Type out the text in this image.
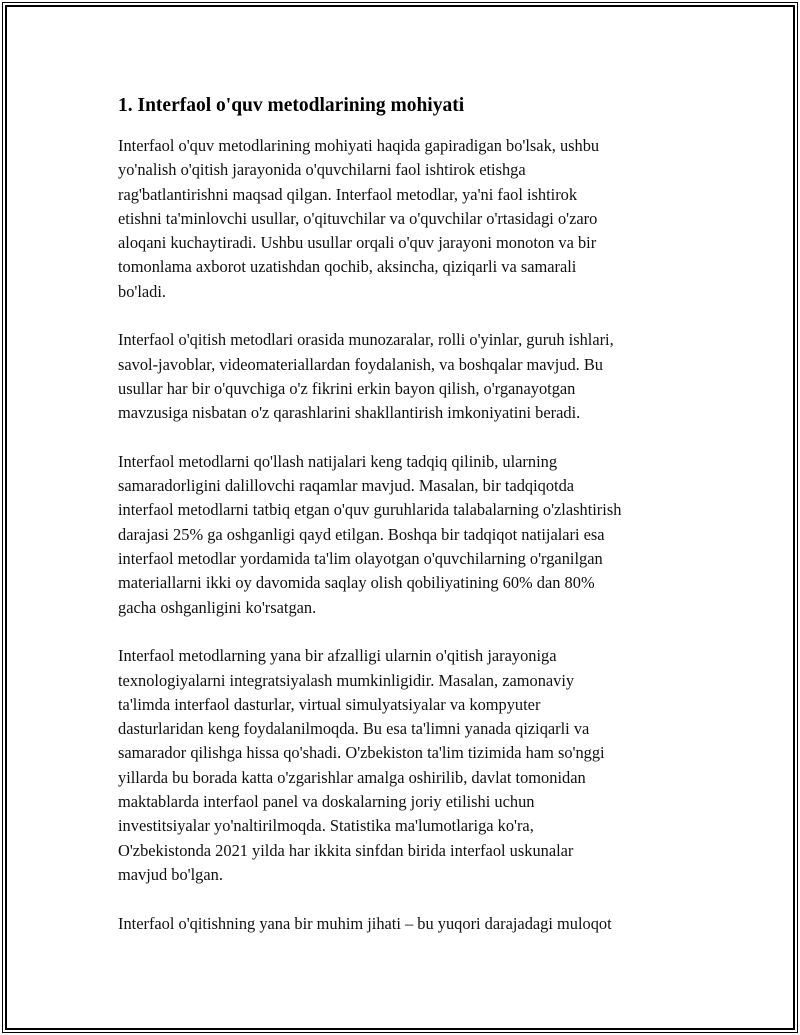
1. Interfaol o'quv metodlarining mohiyati
Interfaol o'quv metodlarining mohiyati haqida gapiradigan bo'lsak, ushbu
yo'nalish o'qitish jarayonida o'quvchilarni faol ishtirok etishga
rag'batlantirishni maqsad qilgan. Interfaol metodlar, ya'ni faol ishtirok
etishni ta'minlovchi usullar, o'qituvchilar va o'quvchilar o'rtasidagi o'zaro
aloqani kuchaytiradi. Ushbu usullar orqali o'quv jarayoni monoton va bir
tomonlama axborot uzatishdan qochib, aksincha, qiziqarli va samarali
bo'ladi.
Interfaol o'qitish metodlari orasida munozaralar, rolli o'yinlar, guruh ishlari,
savol-javoblar, videomateriallardan foydalanish, va boshqalar mavjud. Bu
usullar har bir o'quvchiga o'z fikrini erkin bayon qilish, o'rganayotgan
mavzusiga nisbatan o'z qarashlarini shakllantirish imkoniyatini beradi.
Interfaol metodlarni qo'llash natijalari keng tadqiq qilinib, ularning
samaradorligini dalillovchi raqamlar mavjud. Masalan, bir tadqiqotda
interfaol metodlarni tatbiq etgan o'quv guruhlarida talabalarning o'zlashtirish
darajasi 25% ga oshganligi qayd etilgan. Boshqa bir tadqiqot natijalari esa
interfaol metodlar yordamida ta'lim olayotgan o'quvchilarning o'rganilgan
materiallarni ikki oy davomida saqlay olish qobiliyatining 60% dan 80%
gacha oshganligini ko'rsatgan.
Interfaol metodlarning yana bir afzalligi ularnin o'qitish jarayoniga
texnologiyalarni integratsiyalash mumkinligidir. Masalan, zamonaviy
ta'limda interfaol dasturlar, virtual simulyatsiyalar va kompyuter
dasturlaridan keng foydalanilmoqda. Bu esa ta'limni yanada qiziqarli va
samarador qilishga hissa qo'shadi. O'zbekiston ta'lim tizimida ham so'nggi
yillarda bu borada katta o'zgarishlar amalga oshirilib, davlat tomonidan
maktablarda interfaol panel va doskalarning joriy etilishi uchun
investitsiyalar yo'naltirilmoqda. Statistika ma'lumotlariga ko'ra,
O'zbekistonda 2021 yilda har ikkita sinfdan birida interfaol uskunalar
mavjud bo'lgan.
Interfaol o'qitishning yana bir muhim jihati – bu yuqori darajadagi muloqot
